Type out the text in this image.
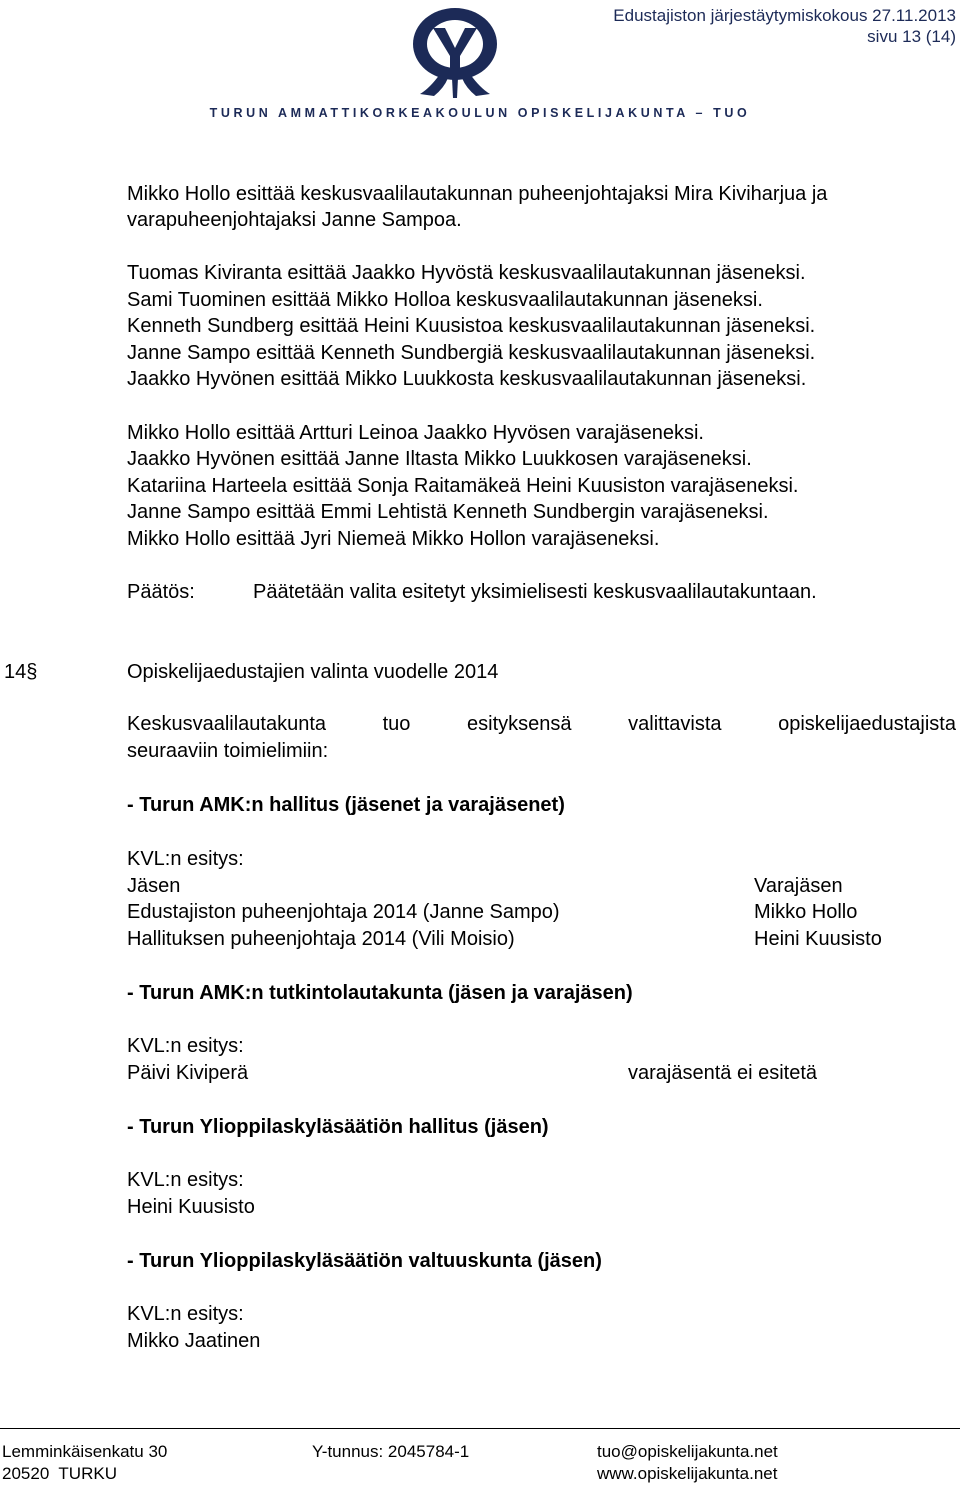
Edustajiston järjestäytymiskokous 27.11.2013
sivu 13 (14)
TURUN AMMATTIKORKEAKOULUN OPISKELIJAKUNTA – TUO
Mikko Hollo esittää keskusvaalilautakunnan puheenjohtajaksi Mira Kiviharjua ja
varapuheenjohtajaksi Janne Sampoa.
Tuomas Kiviranta esittää Jaakko Hyvöstä keskusvaalilautakunnan jäseneksi.
Sami Tuominen esittää Mikko Holloa keskusvaalilautakunnan jäseneksi.
Kenneth Sundberg esittää Heini Kuusistoa keskusvaalilautakunnan jäseneksi.
Janne Sampo esittää Kenneth Sundbergiä keskusvaalilautakunnan jäseneksi.
Jaakko Hyvönen esittää Mikko Luukkosta keskusvaalilautakunnan jäseneksi.
Mikko Hollo esittää Artturi Leinoa Jaakko Hyvösen varajäseneksi.
Jaakko Hyvönen esittää Janne Iltasta Mikko Luukkosen varajäseneksi.
Katariina Harteela esittää Sonja Raitamäkeä Heini Kuusiston varajäseneksi.
Janne Sampo esittää Emmi Lehtistä Kenneth Sundbergin varajäseneksi.
Mikko Hollo esittää Jyri Niemeä Mikko Hollon varajäseneksi.
Päätös:	Päätetään valita esitetyt yksimielisesti keskusvaalilautakuntaan.
14§	Opiskelijaedustajien valinta vuodelle 2014
Keskusvaalilautakunta tuo esityksensä valittavista opiskelijaedustajista
seuraaviin toimielimiin:
- Turun AMK:n hallitus (jäsenet ja varajäsenet)
KVL:n esitys:
Jäsen	Varajäsen
Edustajiston puheenjohtaja 2014 (Janne Sampo)	Mikko Hollo
Hallituksen puheenjohtaja 2014 (Vili Moisio)	Heini Kuusisto
- Turun AMK:n tutkintolautakunta (jäsen ja varajäsen)
KVL:n esitys:
Päivi Kiviperä	varajäsentä ei esitetä
- Turun Ylioppilaskyläsäätiön hallitus (jäsen)
KVL:n esitys:
Heini Kuusisto
- Turun Ylioppilaskyläsäätiön valtuuskunta (jäsen)
KVL:n esitys:
Mikko Jaatinen
Lemminkäisenkatu 30
20520  TURKU
Y-tunnus: 2045784-1	tuo@opiskelijakunta.net
www.opiskelijakunta.net
